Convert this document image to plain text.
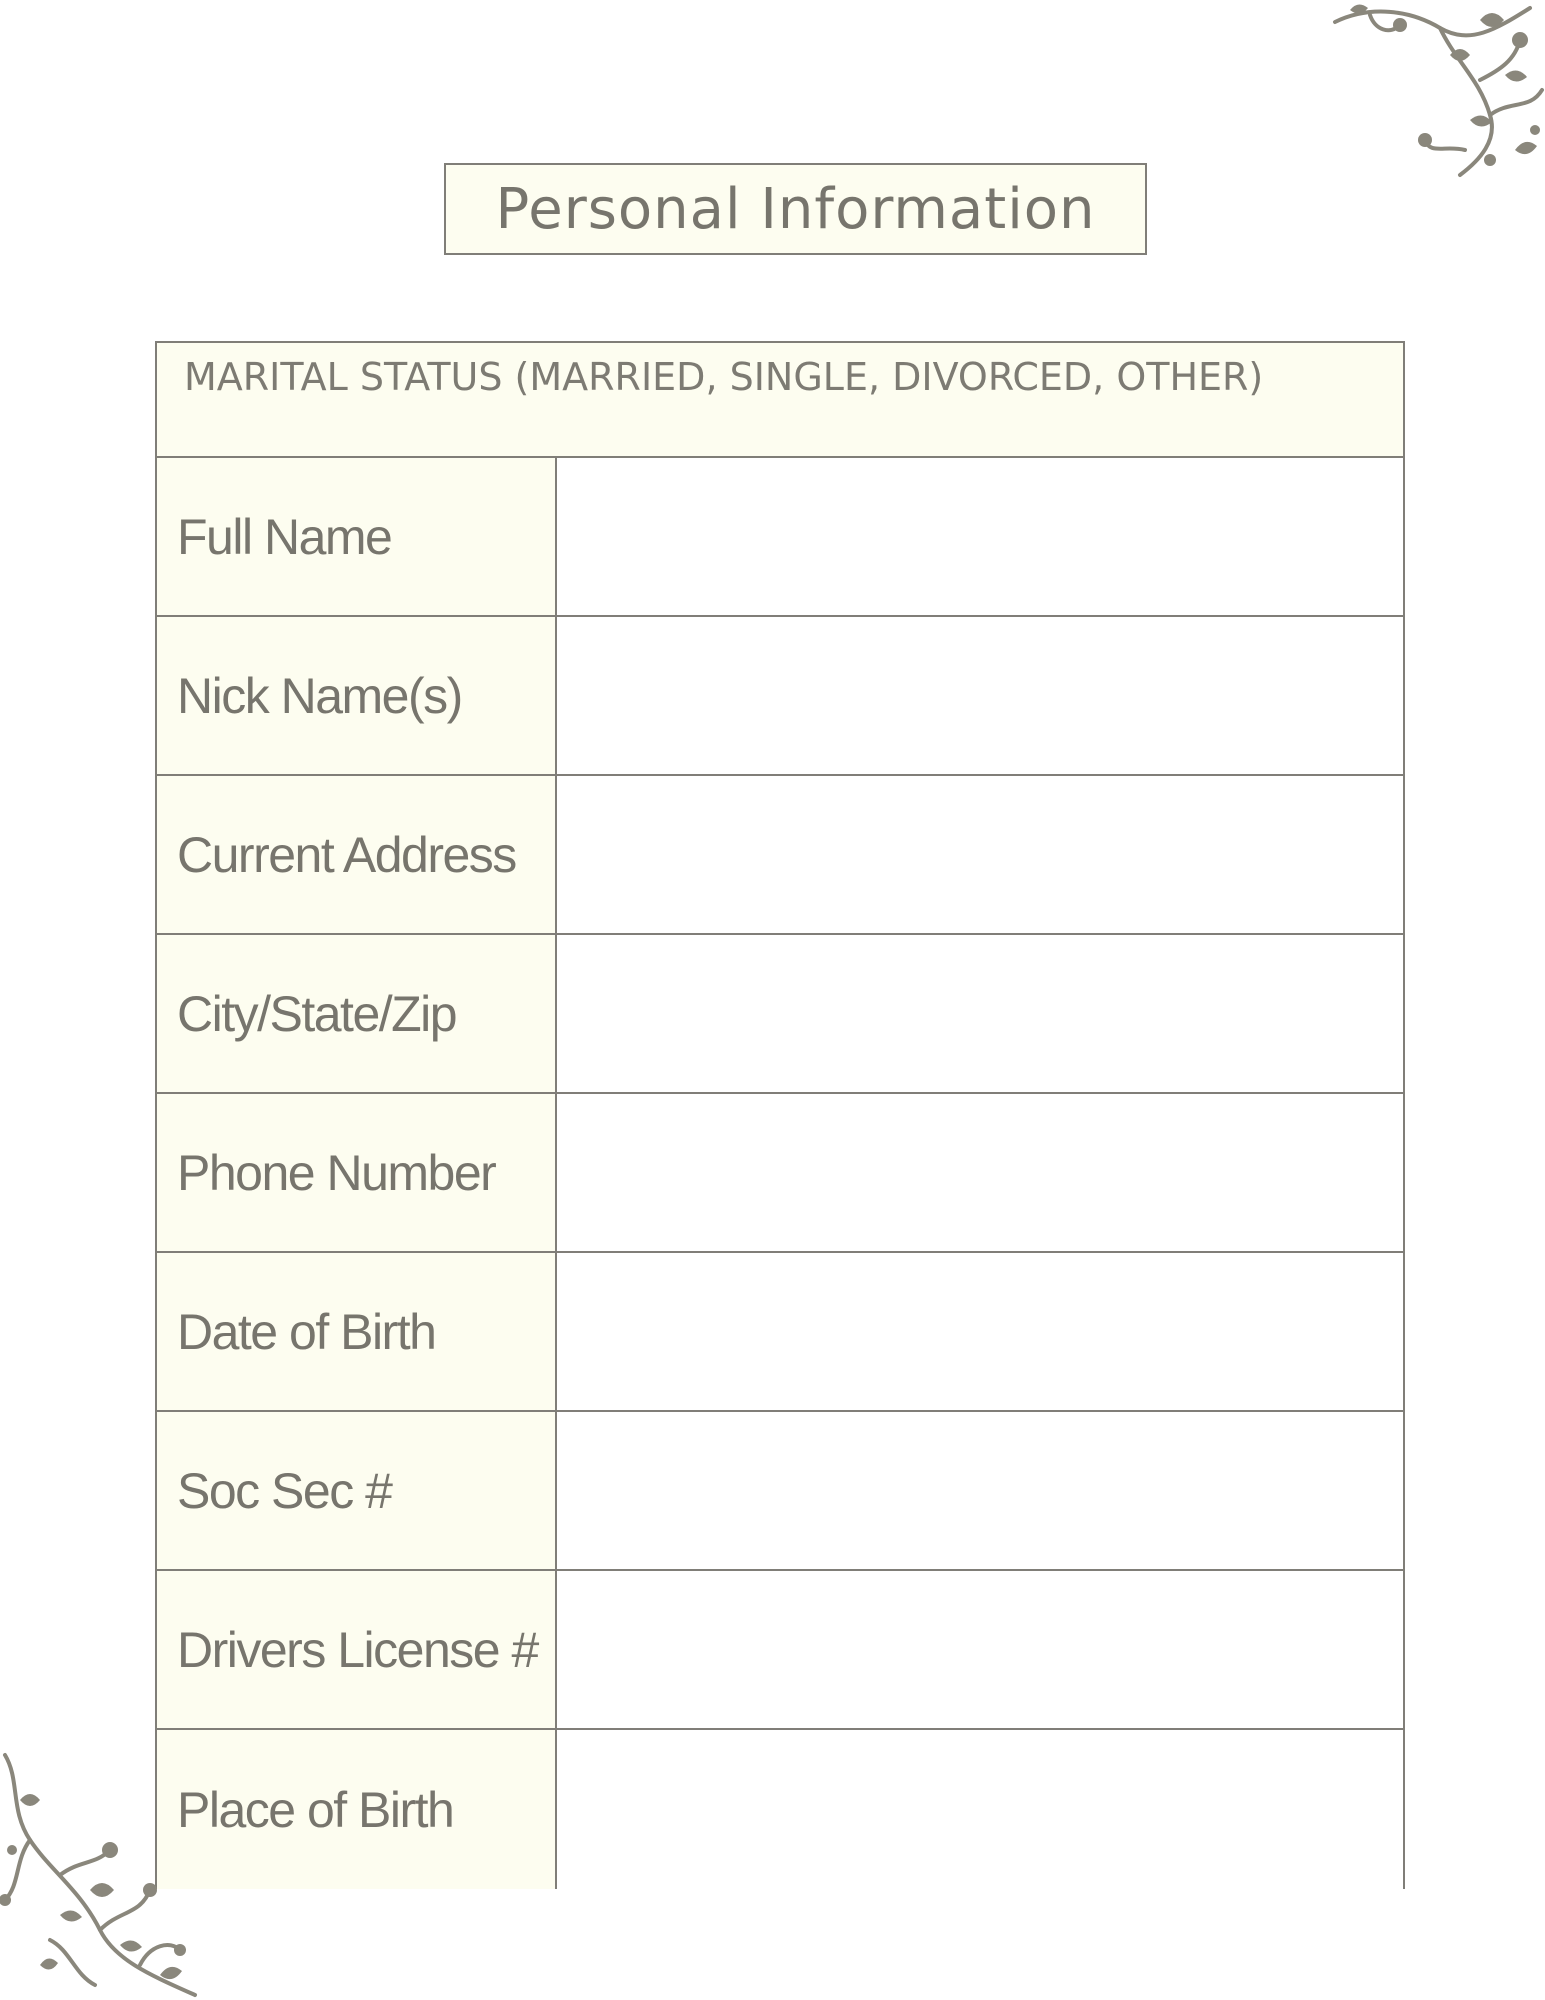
Personal Information
MARITAL STATUS (MARRIED, SINGLE, DIVORCED, OTHER)
Full Name
Nick Name(s)
Current Address
City/State/Zip
Phone Number
Date of Birth
Soc Sec #
Drivers License #
Place of Birth
